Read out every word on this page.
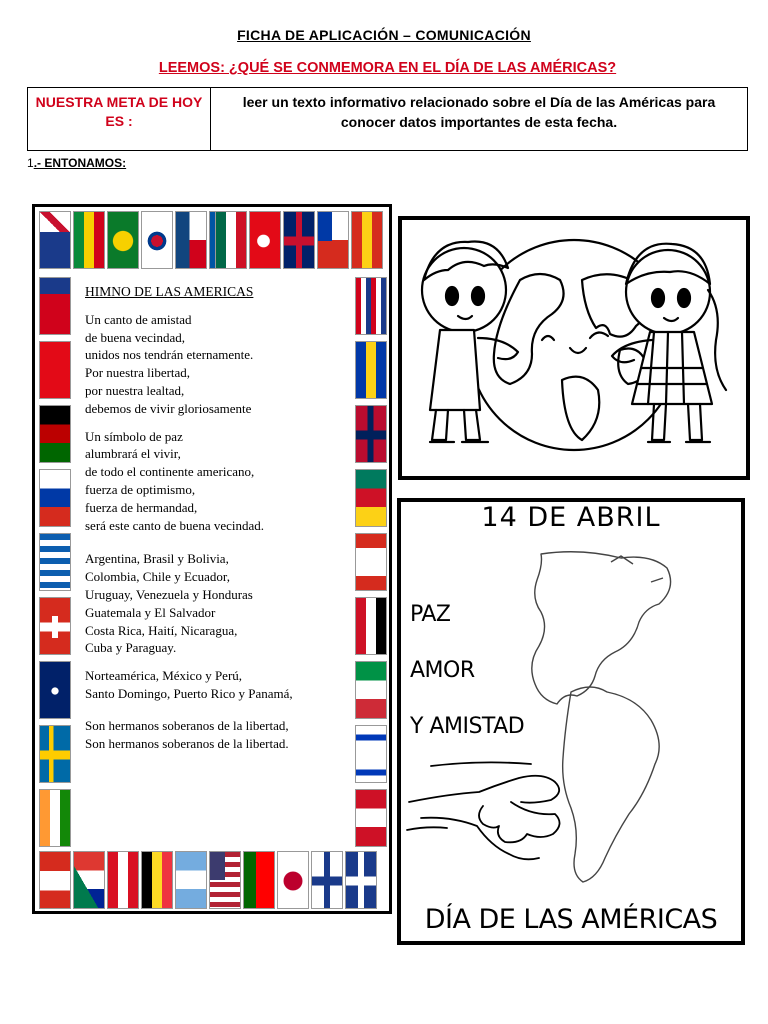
FICHA DE APLICACIÓN – COMUNICACIÓN
LEEMOS: ¿QUÉ SE CONMEMORA EN EL DÍA DE LAS AMÉRICAS?
NUESTRA META DE HOY ES :
leer un texto informativo relacionado sobre el Día de las Américas para conocer datos importantes de esta fecha.
1.- ENTONAMOS:
HIMNO DE LAS AMERICAS
Un canto de amistad
de buena vecindad,
unidos nos tendrán eternamente.
Por nuestra libertad,
por nuestra lealtad,
debemos de vivir gloriosamente
Un símbolo de paz
alumbrará el vivir,
de todo el continente americano,
fuerza de optimismo,
fuerza de hermandad,
será este canto de buena vecindad.
Argentina, Brasil y Bolivia,
Colombia, Chile y Ecuador,
Uruguay, Venezuela y Honduras
Guatemala y El Salvador
Costa Rica, Haití, Nicaragua,
Cuba y Paraguay.
Norteamérica, México y Perú,
Santo Domingo, Puerto Rico y Panamá,
Son hermanos soberanos de la libertad,
Son hermanos soberanos de la libertad.
14 DE ABRIL
PAZ
AMOR
Y AMISTAD
DÍA DE LAS AMÉRICAS
